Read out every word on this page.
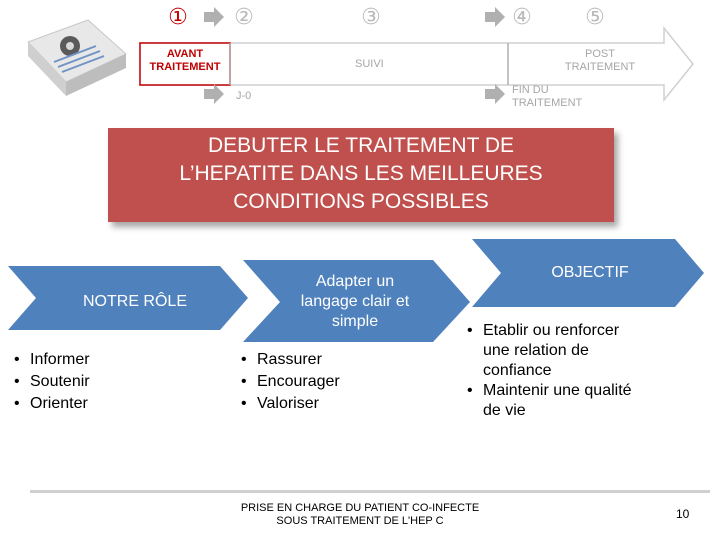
① ②	③	④ ⑤
AVANT TRAITEMENT	SUIVI
POST TRAITEMENT
J-0	FIN DU TRAITEMENT
DEBUTER LE TRAITEMENT DE
L’HEPATITE DANS LES MEILLEURES
CONDITIONS POSSIBLES
NOTRE RÔLE
Adapter un
langage clair et
simple
OBJECTIF
• Informer
• Soutenir
• Orienter
• Rassurer
• Encourager
• Valoriser
• Etablir ou renforcer
une relation de
confiance
• Maintenir une qualité
de vie
PRISE EN CHARGE DU PATIENT CO-INFECTE
SOUS TRAITEMENT DE L'HEP C	10
